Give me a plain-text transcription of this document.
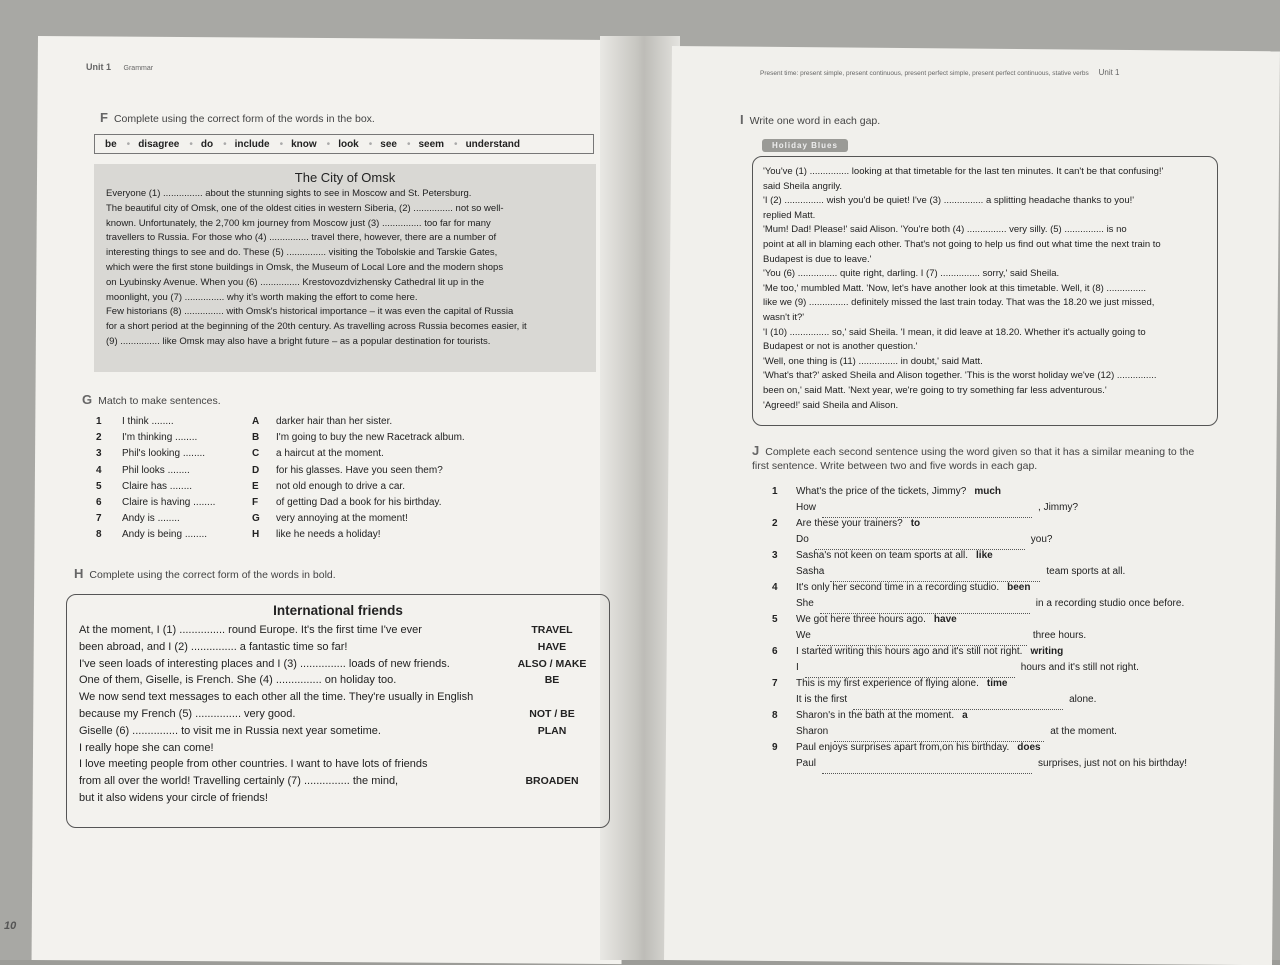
10
Unit 1 Grammar
F Complete using the correct form of the words in the box.
be • disagree • do • include • know • look • see • seem • understand
The City of Omsk

Everyone (1) ............... about the stunning sights to see in Moscow and St. Petersburg.

The beautiful city of Omsk, one of the oldest cities in western Siberia, (2) ............... not so well-

known. Unfortunately, the 2,700 km journey from Moscow just (3) ............... too far for many

travellers to Russia. For those who (4) ............... travel there, however, there are a number of

interesting things to see and do. These (5) ............... visiting the Tobolskie and Tarskie Gates,

which were the first stone buildings in Omsk, the Museum of Local Lore and the modern shops

on Lyubinsky Avenue. When you (6) ............... Krestovozdvizhensky Cathedral lit up in the

moonlight, you (7) ............... why it's worth making the effort to come here.

Few historians (8) ............... with Omsk's historical importance – it was even the capital of Russia

for a short period at the beginning of the 20th century. As travelling across Russia becomes easier, it

(9) ............... like Omsk may also have a bright future – as a popular destination for tourists.

G Match to make sentences.
1	I think ........	A	darker hair than her sister.
2	I'm thinking ........	B	I'm going to buy the new Racetrack album.
3	Phil's looking ........	C	a haircut at the moment.
4	Phil looks ........	D	for his glasses. Have you seen them?
5	Claire has ........	E	not old enough to drive a car.
6	Claire is having ........	F	of getting Dad a book for his birthday.
7	Andy is ........	G	very annoying at the moment!
8	Andy is being ........	H	like he needs a holiday!
H Complete using the correct form of the words in bold.
International friends
At the moment, I (1) ............... round Europe. It's the first time I've ever	TRAVEL
been abroad, and I (2) ............... a fantastic time so far!	HAVE
I've seen loads of interesting places and I (3) ............... loads of new friends.	ALSO / MAKE
One of them, Giselle, is French. She (4) ............... on holiday too.	BE
We now send text messages to each other all the time. They're usually in English
because my French (5) ............... very good.	NOT / BE
Giselle (6) ............... to visit me in Russia next year sometime.	PLAN
I really hope she can come!
I love meeting people from other countries. I want to have lots of friends
from all over the world! Travelling certainly (7) ............... the mind,	BROADEN
but it also widens your circle of friends!
Present time: present simple, present continuous, present perfect simple, present perfect continuous, stative verbs Unit 1
I Write one word in each gap.
Holiday Blues

'You've (1) ............... looking at that timetable for the last ten minutes. It can't be that confusing!'

said Sheila angrily.

'I (2) ............... wish you'd be quiet! I've (3) ............... a splitting headache thanks to you!'

replied Matt.

'Mum! Dad! Please!' said Alison. 'You're both (4) ............... very silly. (5) ............... is no

point at all in blaming each other. That's not going to help us find out what time the next train to

Budapest is due to leave.'

'You (6) ............... quite right, darling. I (7) ............... sorry,' said Sheila.

'Me too,' mumbled Matt. 'Now, let's have another look at this timetable. Well, it (8) ...............

like we (9) ............... definitely missed the last train today. That was the 18.20 we just missed,

wasn't it?'

'I (10) ............... so,' said Sheila. 'I mean, it did leave at 18.20. Whether it's actually going to

Budapest or not is another question.'

'Well, one thing is (11) ............... in doubt,' said Matt.

'What's that?' asked Sheila and Alison together. 'This is the worst holiday we've (12) ...............

been on,' said Matt. 'Next year, we're going to try something far less adventurous.'

'Agreed!' said Sheila and Alison.

J Complete each second sentence using the word given so that it has a similar meaning to the
first sentence. Write between two and five words in each gap.
1	What's the price of the tickets, Jimmy? much
How	, Jimmy?
2	Are these your trainers? to
Do	you?
3	Sasha's not keen on team sports at all. like
Sasha	team sports at all.
4	It's only her second time in a recording studio. been
She	in a recording studio once before.
5	We got here three hours ago. have
We	three hours.
6	I started writing this hours ago and it's still not right. writing
I	hours and it's still not right.
7	This is my first experience of flying alone. time
It is the first	alone.
8	Sharon's in the bath at the moment. a
Sharon	at the moment.
9	Paul enjoys surprises apart from,on his birthday. does
Paul	surprises, just not on his birthday!
